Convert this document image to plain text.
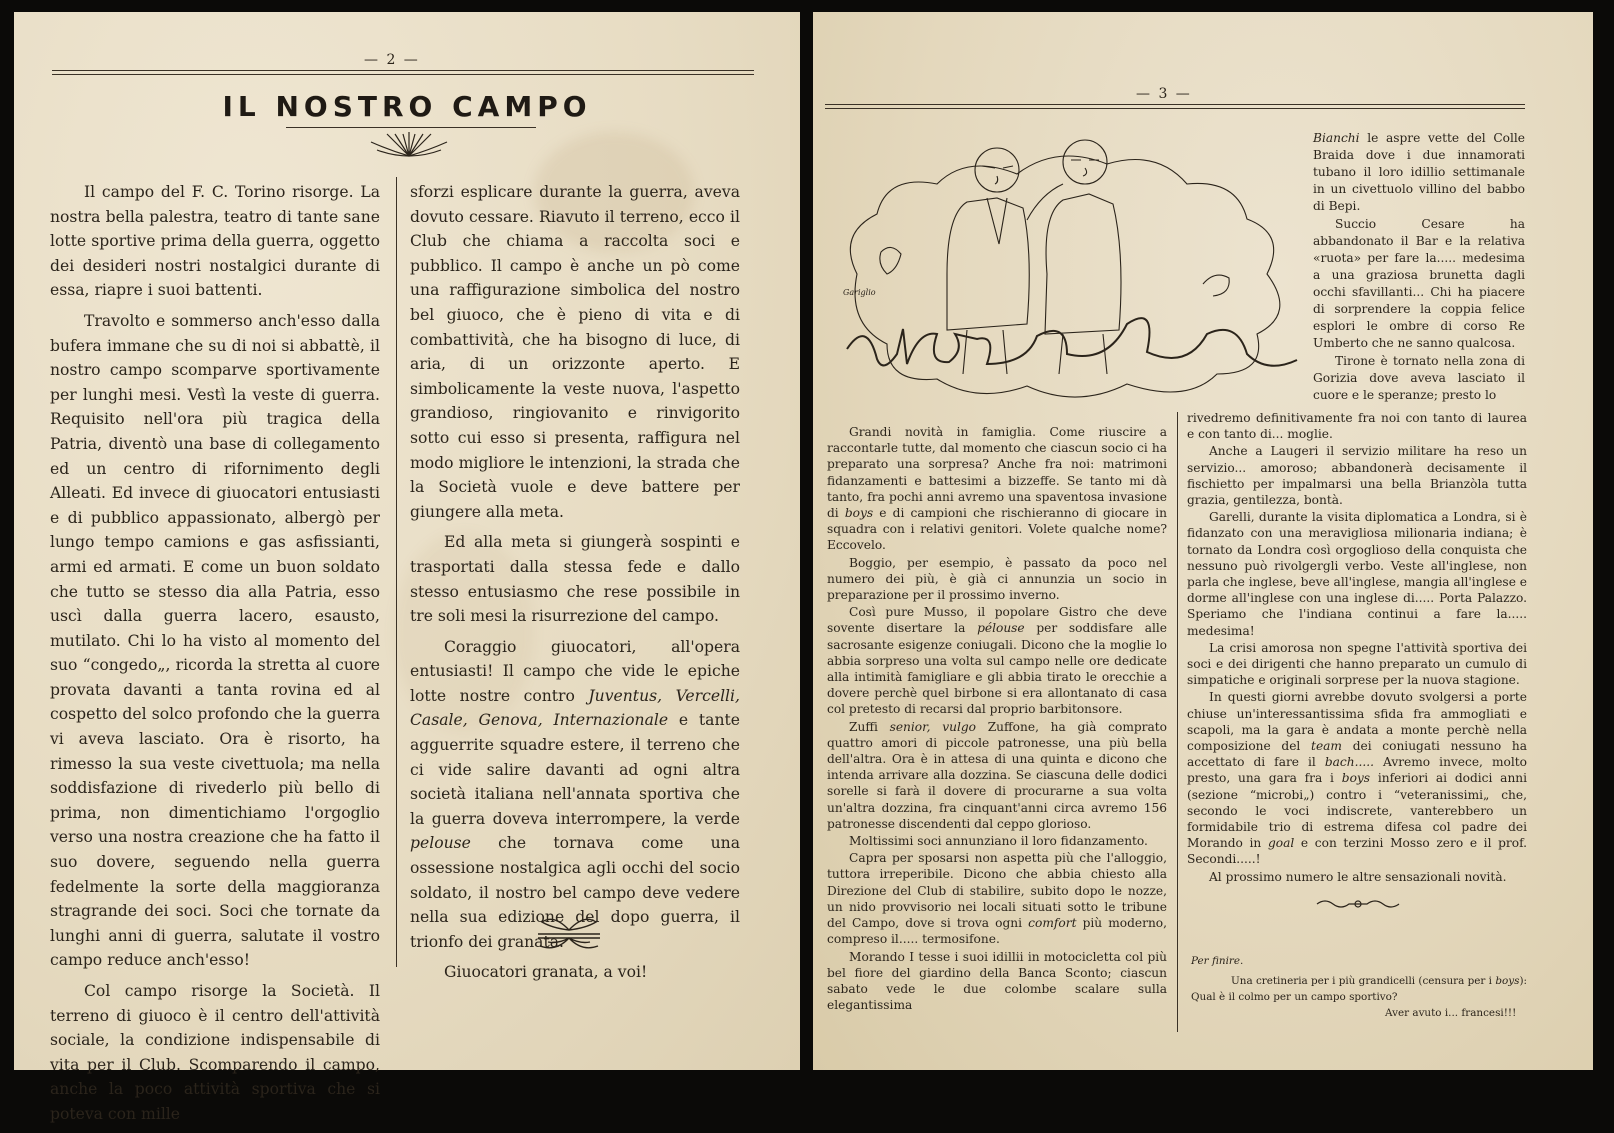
— 2 —
IL NOSTRO CAMPO

Il campo del F. C. Torino risorge. La nostra bella palestra, teatro di tante sane lotte sportive prima della guerra, oggetto dei desideri nostri nostalgici durante di essa, riapre i suoi battenti.

Travolto e sommerso anch'esso dalla bufera immane che su di noi si abbattè, il nostro campo scomparve sportivamente per lunghi mesi. Vestì la veste di guerra. Requisito nell'ora più tragica della Patria, diventò una base di collegamento ed un centro di rifornimento degli Alleati. Ed invece di giuocatori entusiasti e di pubblico appassionato, albergò per lungo tempo camions e gas asfissianti, armi ed armati. E come un buon soldato che tutto se stesso dia alla Patria, esso uscì dalla guerra lacero, esausto, mutilato. Chi lo ha visto al momento del suo “congedo„, ricorda la stretta al cuore provata davanti a tanta rovina ed al cospetto del solco profondo che la guerra vi aveva lasciato. Ora è risorto, ha rimesso la sua veste civettuola; ma nella soddisfazione di rivederlo più bello di prima, non dimentichiamo l'orgoglio verso una nostra creazione che ha fatto il suo dovere, seguendo nella guerra fedelmente la sorte della maggioranza stragrande dei soci. Soci che tornate da lunghi anni di guerra, salutate il vostro campo reduce anch'esso!

Col campo risorge la Società. Il terreno di giuoco è il centro dell'attività sociale, la condizione indispensabile di vita per il Club. Scomparendo il campo, anche la poco attività sportiva che si poteva con mille

sforzi esplicare durante la guerra, aveva dovuto cessare. Riavuto il terreno, ecco il Club che chiama a raccolta soci e pubblico. Il campo è anche un pò come una raffigurazione simbolica del nostro bel giuoco, che è pieno di vita e di combattività, che ha bisogno di luce, di aria, di un orizzonte aperto. E simbolicamente la veste nuova, l'aspetto grandioso, ringiovanito e rinvigorito sotto cui esso si presenta, raffigura nel modo migliore le intenzioni, la strada che la Società vuole e deve battere per giungere alla meta.

Ed alla meta si giungerà sospinti e trasportati dalla stessa fede e dallo stesso entusiasmo che rese possibile in tre soli mesi la risurrezione del campo.

Coraggio giuocatori, all'opera entusiasti! Il campo che vide le epiche lotte nostre contro Juventus, Vercelli, Casale, Genova, Internazionale e tante agguerrite squadre estere, il terreno che ci vide salire davanti ad ogni altra società italiana nell'annata sportiva che la guerra doveva interrompere, la verde pelouse che tornava come una ossessione nostalgica agli occhi del socio soldato, il nostro bel campo deve vedere nella sua edizione del dopo guerra, il trionfo dei granata.

Giuocatori granata, a voi!

— 3 —
Gariglio

Bianchi le aspre vette del Colle Braida dove i due innamorati tubano il loro idillio settimanale in un civettuolo villino del babbo di Bepi.

Succio Cesare ha abbandonato il Bar e la relativa «ruota» per fare la..... medesima a una graziosa brunetta dagli occhi sfavillanti... Chi ha piacere di sorprendere la coppia felice esplori le ombre di corso Re Umberto che ne sanno qualcosa.

Tirone è tornato nella zona di Gorizia dove aveva lasciato il cuore e le speranze; presto lo

Grandi novità in famiglia. Come riuscire a raccontarle tutte, dal momento che ciascun socio ci ha preparato una sorpresa? Anche fra noi: matrimoni fidanzamenti e battesimi a bizzeffe. Se tanto mi dà tanto, fra pochi anni avremo una spaventosa invasione di boys e di campioni che rischieranno di giocare in squadra con i relativi genitori. Volete qualche nome? Eccovelo.

Boggio, per esempio, è passato da poco nel numero dei più, è già ci annunzia un socio in preparazione per il prossimo inverno.

Così pure Musso, il popolare Gistro che deve sovente disertare la pélouse per soddisfare alle sacrosante esigenze coniugali. Dicono che la moglie lo abbia sorpreso una volta sul campo nelle ore dedicate alla intimità famigliare e gli abbia tirato le orecchie a dovere perchè quel birbone si era allontanato di casa col pretesto di recarsi dal proprio barbitonsore.

Zuffi senior, vulgo Zuffone, ha già comprato quattro amori di piccole patronesse, una più bella dell'altra. Ora è in attesa di una quinta e dicono che intenda arrivare alla dozzina. Se ciascuna delle dodici sorelle si farà il dovere di procurarne a sua volta un'altra dozzina, fra cinquant'anni circa avremo 156 patronesse discendenti dal ceppo glorioso.

Moltissimi soci annunziano il loro fidanzamento.

Capra per sposarsi non aspetta più che l'alloggio, tuttora irreperibile. Dicono che abbia chiesto alla Direzione del Club di stabilire, subito dopo le nozze, un nido provvisorio nei locali situati sotto le tribune del Campo, dove si trova ogni comfort più moderno, compreso il..... termosifone.

Morando I tesse i suoi idillii in motocicletta col più bel fiore del giardino della Banca Sconto; ciascun sabato vede le due colombe scalare sulla elegantissima

rivedremo definitivamente fra noi con tanto di laurea e con tanto di... moglie.

Anche a Laugeri il servizio militare ha reso un servizio... amoroso; abbandonerà decisamente il fischietto per impalmarsi una bella Brianzòla tutta grazia, gentilezza, bontà.

Garelli, durante la visita diplomatica a Londra, si è fidanzato con una meravigliosa milionaria indiana; è tornato da Londra così orgoglioso della conquista che nessuno può rivolgergli verbo. Veste all'inglese, non parla che inglese, beve all'inglese, mangia all'inglese e dorme all'inglese con una inglese di..... Porta Palazzo. Speriamo che l'indiana continui a fare la..... medesima!

La crisi amorosa non spegne l'attività sportiva dei soci e dei dirigenti che hanno preparato un cumulo di simpatiche e originali sorprese per la nuova stagione.

In questi giorni avrebbe dovuto svolgersi a porte chiuse un'interessantissima sfida fra ammogliati e scapoli, ma la gara è andata a monte perchè nella composizione del team dei coniugati nessuno ha accettato di fare il bach..... Avremo invece, molto presto, una gara fra i boys inferiori ai dodici anni (sezione “microbi„) contro i “veteranissimi„ che, secondo le voci indiscrete, vanterebbero un formidabile trio di estrema difesa col padre dei Morando in goal e con terzini Mosso zero e il prof. Secondi.....!

Al prossimo numero le altre sensazionali novità.

Per finire.
Una cretineria per i più grandicelli (censura per i boys):
Qual è il colmo per un campo sportivo?
Aver avuto i... francesi!!!
